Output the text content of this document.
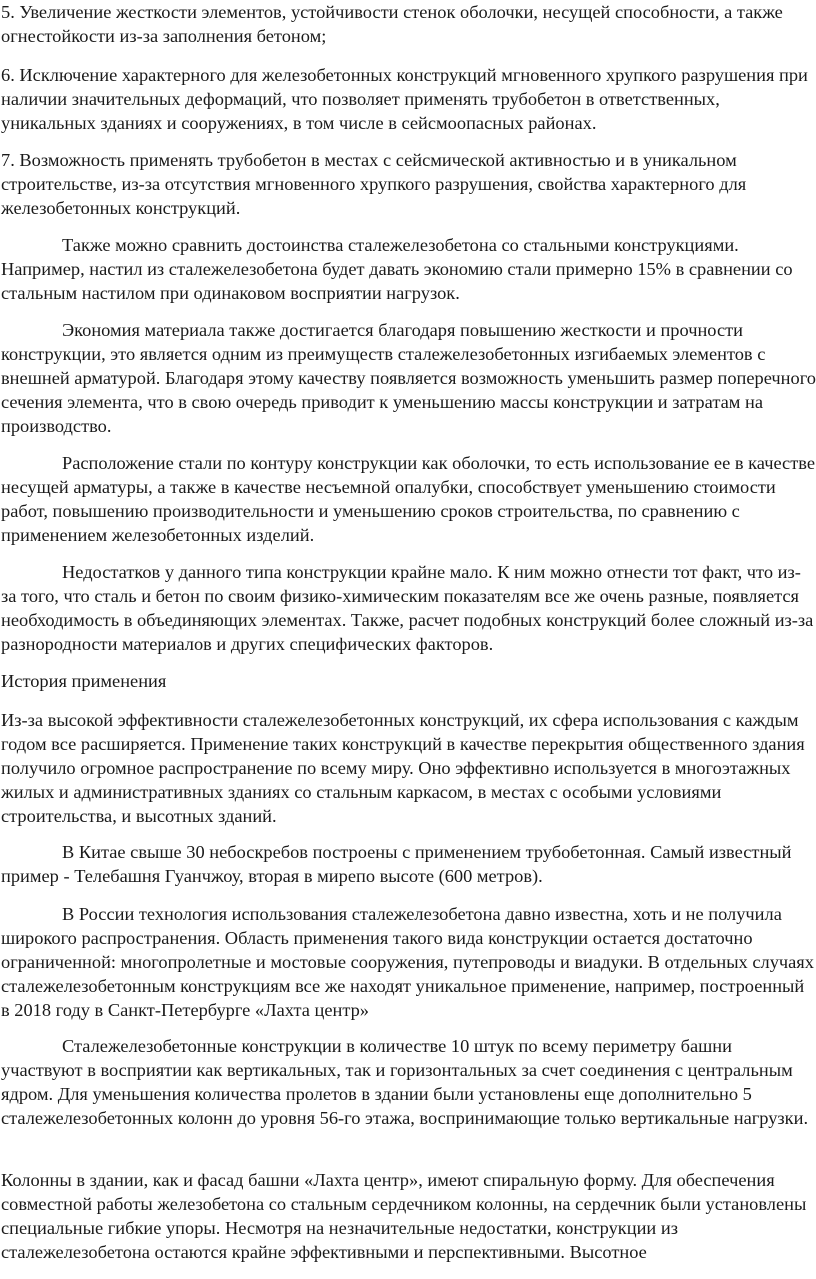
5. Увеличение жесткости элементов, устойчивости стенок оболочки, несущей способности, а также огнестойкости из-за заполнения бетоном;

6. Исключение характерного для железобетонных конструкций мгновенного хрупкого разрушения при наличии значительных деформаций, что позволяет применять трубобетон в ответственных, уникальных зданиях и сооружениях, в том числе в сейсмоопасных районах.

7. Возможность применять трубобетон в местах с сейсмической активностью и в уникальном строительстве, из-за отсутствия мгновенного хрупкого разрушения, свойства характерного для железобетонных конструкций.

Также можно сравнить достоинства сталежелезобетона со стальными конструкциями. Например, настил из сталежелезобетона будет давать экономию стали примерно 15% в сравнении со стальным настилом при одинаковом восприятии нагрузок.

Экономия материала также достигается благодаря повышению жесткости и прочности конструкции, это является одним из преимуществ сталежелезобетонных изгибаемых элементов с внешней арматурой. Благодаря этому качеству появляется возможность уменьшить размер поперечного сечения элемента, что в свою очередь приводит к уменьшению массы конструкции и затратам на производство.

Расположение стали по контуру конструкции как оболочки, то есть использование ее в качестве несущей арматуры, а также в качестве несъемной опалубки, способствует уменьшению стоимости работ, повышению производительности и уменьшению сроков строительства, по сравнению с применением железобетонных изделий.

Недостатков у данного типа конструкции крайне мало. К ним можно отнести тот факт, что из-за того, что сталь и бетон по своим физико-химическим показателям все же очень разные, появляется необходимость в объединяющих элементах. Также, расчет подобных конструкций более сложный из-за разнородности материалов и других специфических факторов.

История применения

Из-за высокой эффективности сталежелезобетонных конструкций, их сфера использования с каждым годом все расширяется. Применение таких конструкций в качестве перекрытия общественного здания получило огромное распространение по всему миру. Оно эффективно используется в многоэтажных жилых и административных зданиях со стальным каркасом, в местах с особыми условиями строительства, и высотных зданий.

В Китае свыше 30 небоскребов построены с применением трубобетонная. Самый известный пример - Телебашня Гуанчжоу, вторая в мирепо высоте (600 метров).

В России технология использования сталежелезобетона давно известна, хоть и не получила широкого распространения. Область применения такого вида конструкции остается достаточно ограниченной: многопролетные и мостовые сооружения, путепроводы и виадуки. В отдельных случаях сталежелезобетонным конструкциям все же находят уникальное применение, например, построенный в 2018 году в Санкт-Петербурге «Лахта центр»

Сталежелезобетонные конструкции в количестве 10 штук по всему периметру башни участвуют в восприятии как вертикальных, так и горизонтальных за счет соединения с центральным ядром. Для уменьшения количества пролетов в здании были установлены еще дополнительно 5 сталежелезобетонных колонн до уровня 56-го этажа, воспринимающие только вертикальные нагрузки.

Колонны в здании, как и фасад башни «Лахта центр», имеют спиральную форму. Для обеспечения совместной работы железобетона со стальным сердечником колонны, на сердечник были установлены специальные гибкие упоры. Несмотря на незначительные недостатки, конструкции из сталежелезобетона остаются крайне эффективными и перспективными. Высотное
